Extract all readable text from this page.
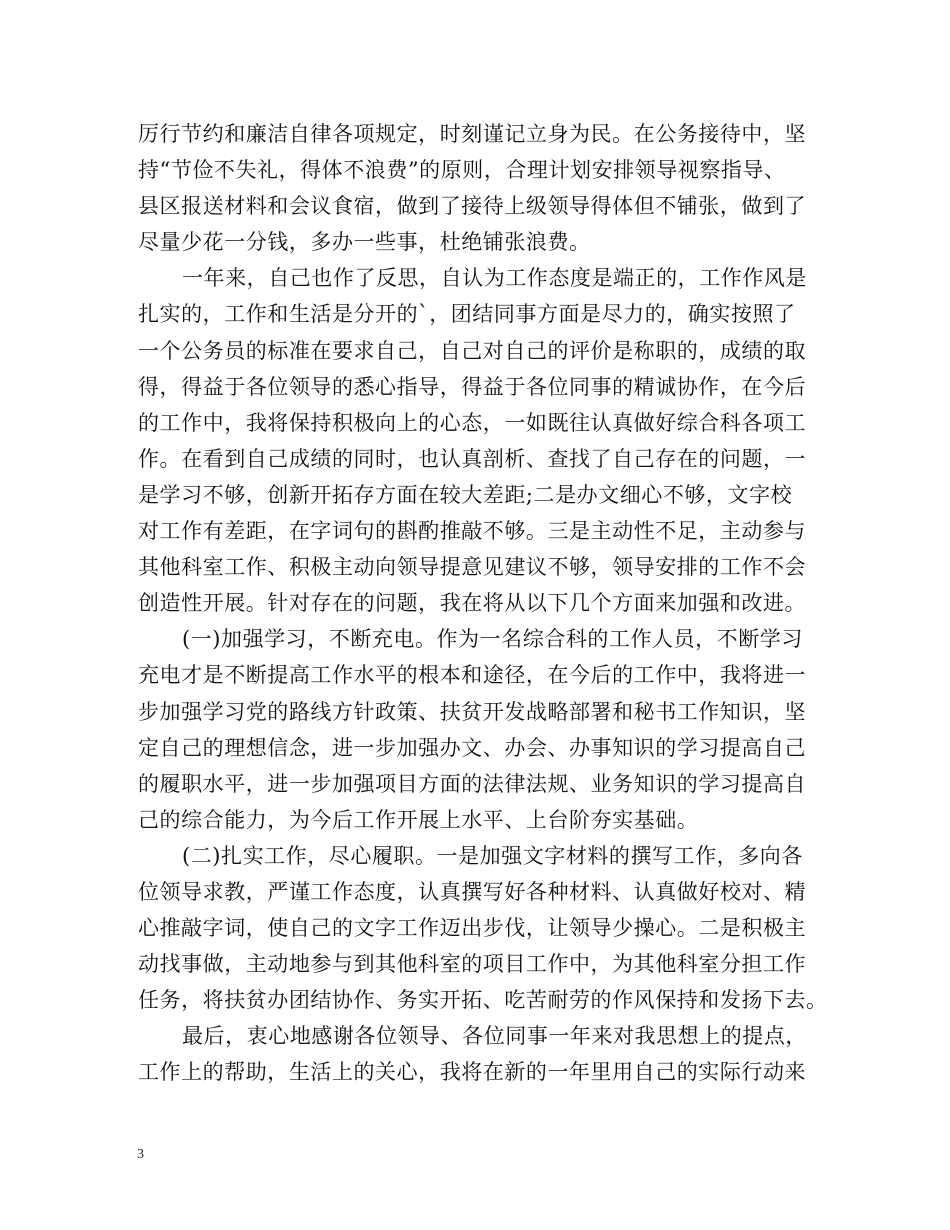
厉行节约和廉洁自律各项规定，时刻谨记立身为民。在公务接待中，坚
持“节俭不失礼，得体不浪费”的原则，合理计划安排领导视察指导、
县区报送材料和会议食宿，做到了接待上级领导得体但不铺张，做到了
尽量少花一分钱，多办一些事，杜绝铺张浪费。
一年来，自己也作了反思，自认为工作态度是端正的，工作作风是
扎实的，工作和生活是分开的`，团结同事方面是尽力的，确实按照了
一个公务员的标准在要求自己，自己对自己的评价是称职的，成绩的取
得，得益于各位领导的悉心指导，得益于各位同事的精诚协作，在今后
的工作中，我将保持积极向上的心态，一如既往认真做好综合科各项工
作。在看到自己成绩的同时，也认真剖析、查找了自己存在的问题，一
是学习不够，创新开拓存方面在较大差距;二是办文细心不够，文字校
对工作有差距，在字词句的斟酌推敲不够。三是主动性不足，主动参与
其他科室工作、积极主动向领导提意见建议不够，领导安排的工作不会
创造性开展。针对存在的问题，我在将从以下几个方面来加强和改进。
(一)加强学习，不断充电。作为一名综合科的工作人员，不断学习
充电才是不断提高工作水平的根本和途径，在今后的工作中，我将进一
步加强学习党的路线方针政策、扶贫开发战略部署和秘书工作知识，坚
定自己的理想信念，进一步加强办文、办会、办事知识的学习提高自己
的履职水平，进一步加强项目方面的法律法规、业务知识的学习提高自
己的综合能力，为今后工作开展上水平、上台阶夯实基础。
(二)扎实工作，尽心履职。一是加强文字材料的撰写工作，多向各
位领导求教，严谨工作态度，认真撰写好各种材料、认真做好校对、精
心推敲字词，使自己的文字工作迈出步伐，让领导少操心。二是积极主
动找事做，主动地参与到其他科室的项目工作中，为其他科室分担工作
任务，将扶贫办团结协作、务实开拓、吃苦耐劳的作风保持和发扬下去。
最后，衷心地感谢各位领导、各位同事一年来对我思想上的提点，
工作上的帮助，生活上的关心，我将在新的一年里用自己的实际行动来
3
